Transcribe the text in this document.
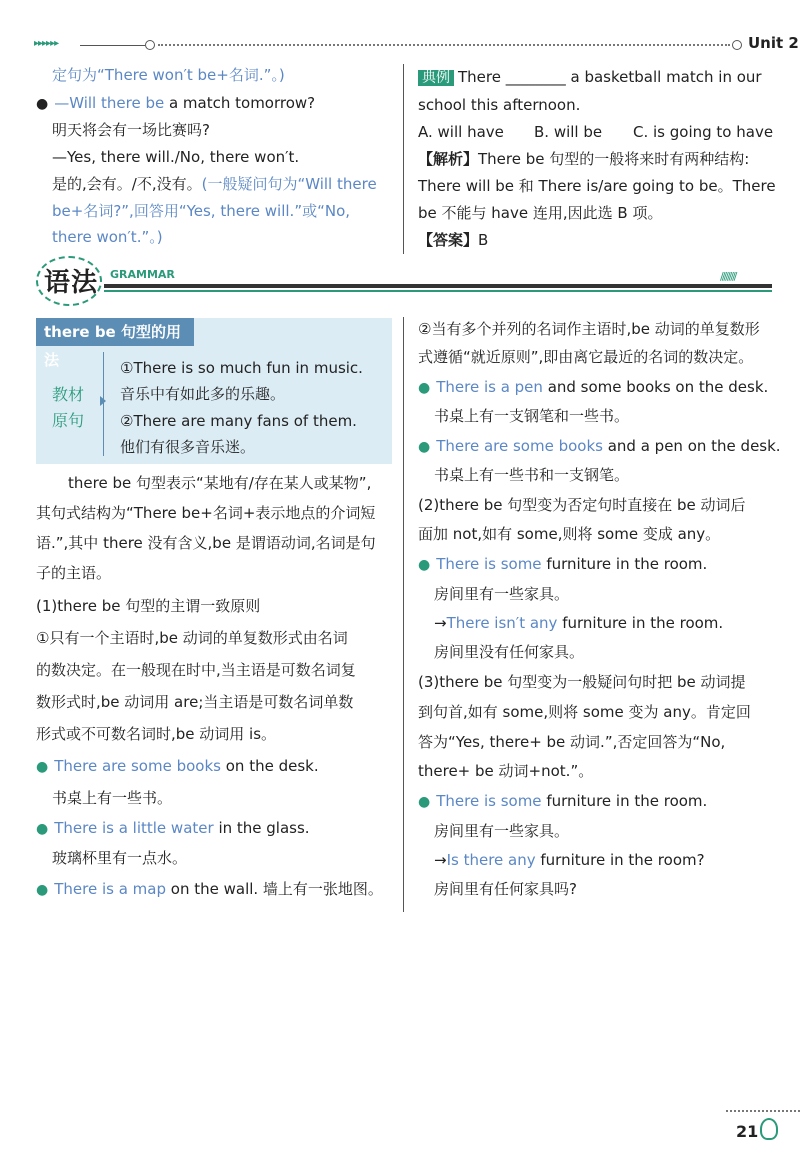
▸▸▸▸▸▸	Unit 2
定句为“There won′t be+名词.”。)
● —Will there be a match tomorrow?
明天将会有一场比赛吗?
—Yes, there will./No, there won′t.
是的,会有。/不,没有。(一般疑问句为“Will there
be+名词?”,回答用“Yes, there will.”或“No,
there won′t.”。)
典例 There ________ a basketball match in our
school this afternoon.
A. will have B. will be C. is going to have
【解析】There be 句型的一般将来时有两种结构:
There will be 和 There is/are going to be。There
be 不能与 have 连用,因此选 B 项。
【答案】B
语法 GRAMMAR	/////////
there be 句型的用法
教材
原句
①There is so much fun in music.
音乐中有如此多的乐趣。
②There are many fans of them.
他们有很多音乐迷。
there be 句型表示“某地有/存在某人或某物”,
其句式结构为“There be+名词+表示地点的介词短
语.”,其中 there 没有含义,be 是谓语动词,名词是句
子的主语。
(1)there be 句型的主谓一致原则
①只有一个主语时,be 动词的单复数形式由名词
的数决定。在一般现在时中,当主语是可数名词复
数形式时,be 动词用 are;当主语是可数名词单数
形式或不可数名词时,be 动词用 is。
● There are some books on the desk.
书桌上有一些书。
● There is a little water in the glass.
玻璃杯里有一点水。
● There is a map on the wall. 墙上有一张地图。
②当有多个并列的名词作主语时,be 动词的单复数形
式遵循“就近原则”,即由离它最近的名词的数决定。
● There is a pen and some books on the desk.
书桌上有一支钢笔和一些书。
● There are some books and a pen on the desk.
书桌上有一些书和一支钢笔。
(2)there be 句型变为否定句时直接在 be 动词后
面加 not,如有 some,则将 some 变成 any。
● There is some furniture in the room.
房间里有一些家具。
→There isn′t any furniture in the room.
房间里没有任何家具。
(3)there be 句型变为一般疑问句时把 be 动词提
到句首,如有 some,则将 some 变为 any。肯定回
答为“Yes, there+ be 动词.”,否定回答为“No,
there+ be 动词+not.”。
● There is some furniture in the room.
房间里有一些家具。
→Is there any furniture in the room?
房间里有任何家具吗?
21
